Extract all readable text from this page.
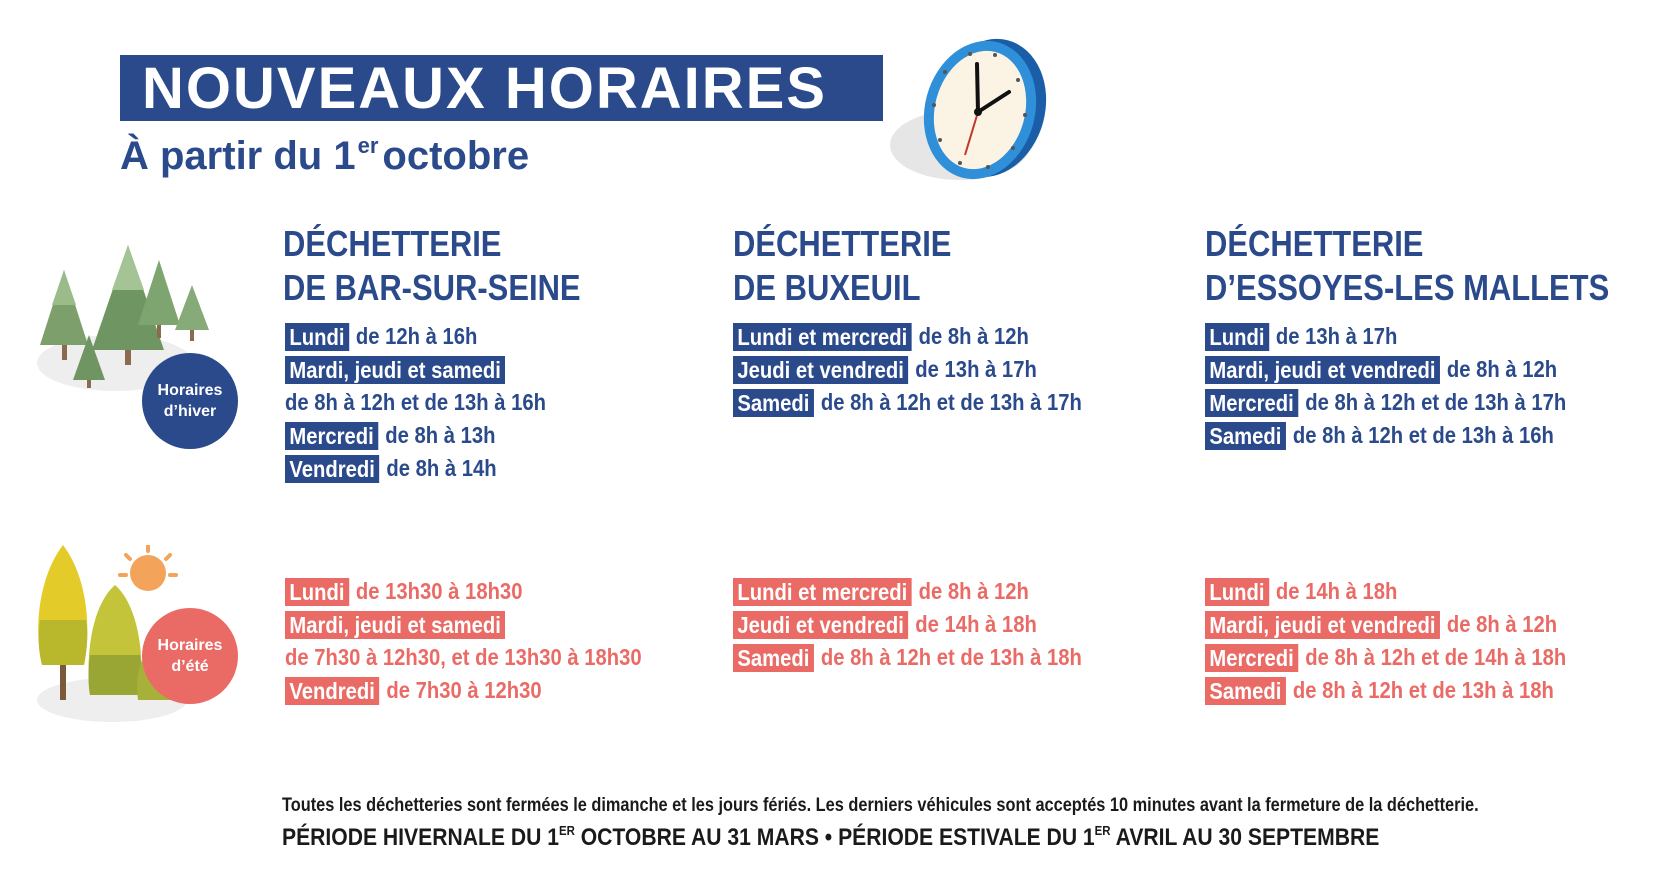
NOUVEAUX HORAIRES
À partir du 1er octobre
Horaires
d’hiver
Horaires
d’été
DÉCHETTERIE
DE BAR-SUR-SEINE
DÉCHETTERIE
DE BUXEUIL
DÉCHETTERIE
D’ESSOYES-LES MALLETS
Lundi de 12h à 16h
Mardi, jeudi et samedi
de 8h à 12h et de 13h à 16h
Mercredi de 8h à 13h
Vendredi de 8h à 14h
Lundi et mercredi de 8h à 12h
Jeudi et vendredi de 13h à 17h
Samedi de 8h à 12h et de 13h à 17h
Lundi de 13h à 17h
Mardi, jeudi et vendredi de 8h à 12h
Mercredi de 8h à 12h et de 13h à 17h
Samedi de 8h à 12h et de 13h à 16h
Lundi de 13h30 à 18h30
Mardi, jeudi et samedi
de 7h30 à 12h30, et de 13h30 à 18h30
Vendredi de 7h30 à 12h30
Lundi et mercredi de 8h à 12h
Jeudi et vendredi de 14h à 18h
Samedi de 8h à 12h et de 13h à 18h
Lundi de 14h à 18h
Mardi, jeudi et vendredi de 8h à 12h
Mercredi de 8h à 12h et de 14h à 18h
Samedi de 8h à 12h et de 13h à 18h
Toutes les déchetteries sont fermées le dimanche et les jours fériés. Les derniers véhicules sont acceptés 10 minutes avant la fermeture de la déchetterie.
PÉRIODE HIVERNALE DU 1ER OCTOBRE AU 31 MARS • PÉRIODE ESTIVALE DU 1ER AVRIL AU 30 SEPTEMBRE
